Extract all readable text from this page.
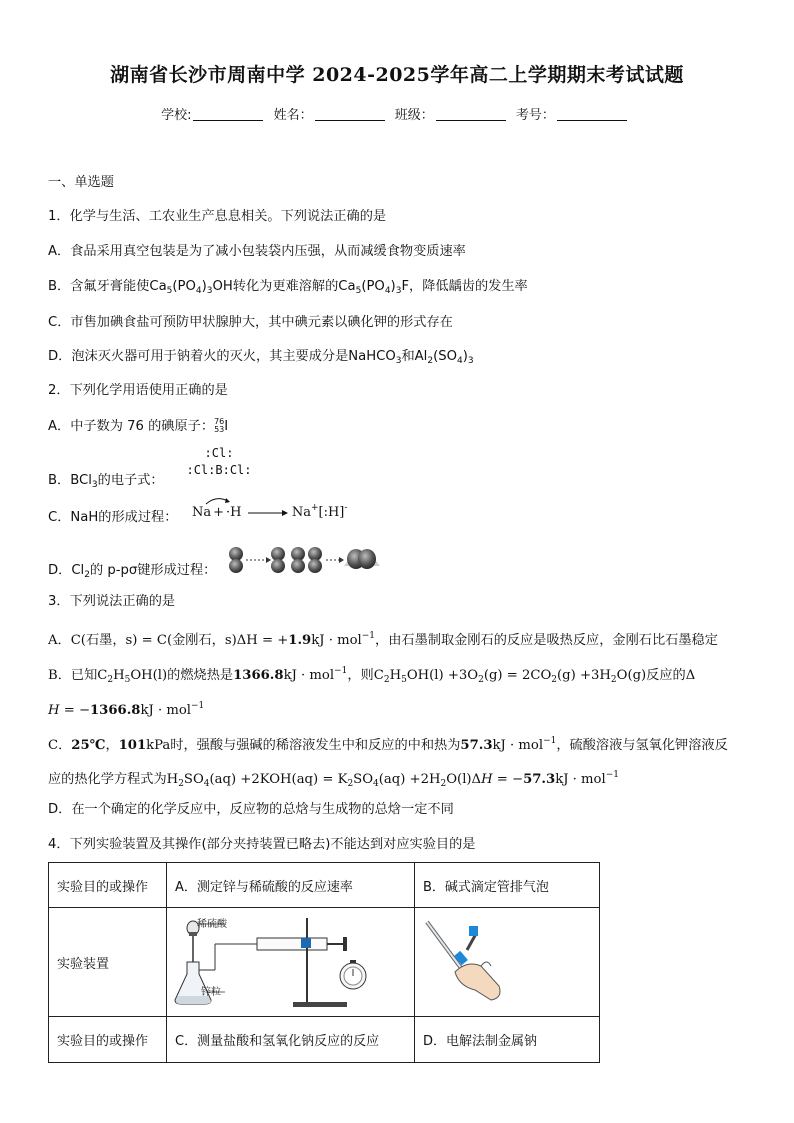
湖南省长沙市周南中学 2024-2025学年高二上学期期末考试试题
学校:	姓名：	班级：	考号：
一、单选题
1．化学与生活、工农业生产息息相关。下列说法正确的是
A．食品采用真空包装是为了减小包装袋内压强，从而减缓食物变质速率
B．含氟牙膏能使$Ca_5(PO_4)_3OH$转化为更难溶解的$Ca_5(PO_4)_3F$，降低龋齿的发生率
C．市售加碘食盐可预防甲状腺肿大，其中碘元素以碘化钾的形式存在
D．泡沫灭火器可用于钠着火的灭火，其主要成分是NaHCO$_3$和$Al_2(SO_4)_3$
2．下列化学用语使用正确的是
A．中子数为 76 的碘原子：76
53I
B．BCl$_3$的电子式：
:Cl:
:Cl:B:Cl:
C．NaH的形成过程： Na + ·H → Na+[:H]-
D．$Cl_2$的 p-pσ键形成过程：
3．下列说法正确的是
A．C(石墨，s) = C(金刚石，s)ΔH = +1.9kJ · mol$^{-1}$，由石墨制取金刚石的反应是吸热反应，金刚石比石墨稳定
B．已知$C_2H_5OH(l)$的燃烧热是1366.8kJ · mol$^{-1}$，则$C_2H_5OH(l) +3O_2(g) = 2CO_2(g) +3H_2O(g)$反应的Δ
H = −1366.8kJ · mol$^{-1}$
C．25℃，101kPa时，强酸与强碱的稀溶液发生中和反应的中和热为57.3kJ · mol$^{-1}$，硫酸溶液与氢氧化钾溶液反
应的热化学方程式为$H_2SO_4(aq) +2KOH(aq) = K_2SO_4(aq) +2H_2O(l)\Delta H = -57.3kJ \cdot mol^{-1}$
D．在一个确定的化学反应中，反应物的总焓与生成物的总焓一定不同
4．下列实验装置及其操作(部分夹持装置已略去)不能达到对应实验目的是
实验目的或操作	A．测定锌与稀硫酸的反应速率	B．碱式滴定管排气泡
实验装置	稀硫酸
锌粒

实验目的或操作	C．测量盐酸和氢氧化钠反应的反应	D．电解法制金属钠
